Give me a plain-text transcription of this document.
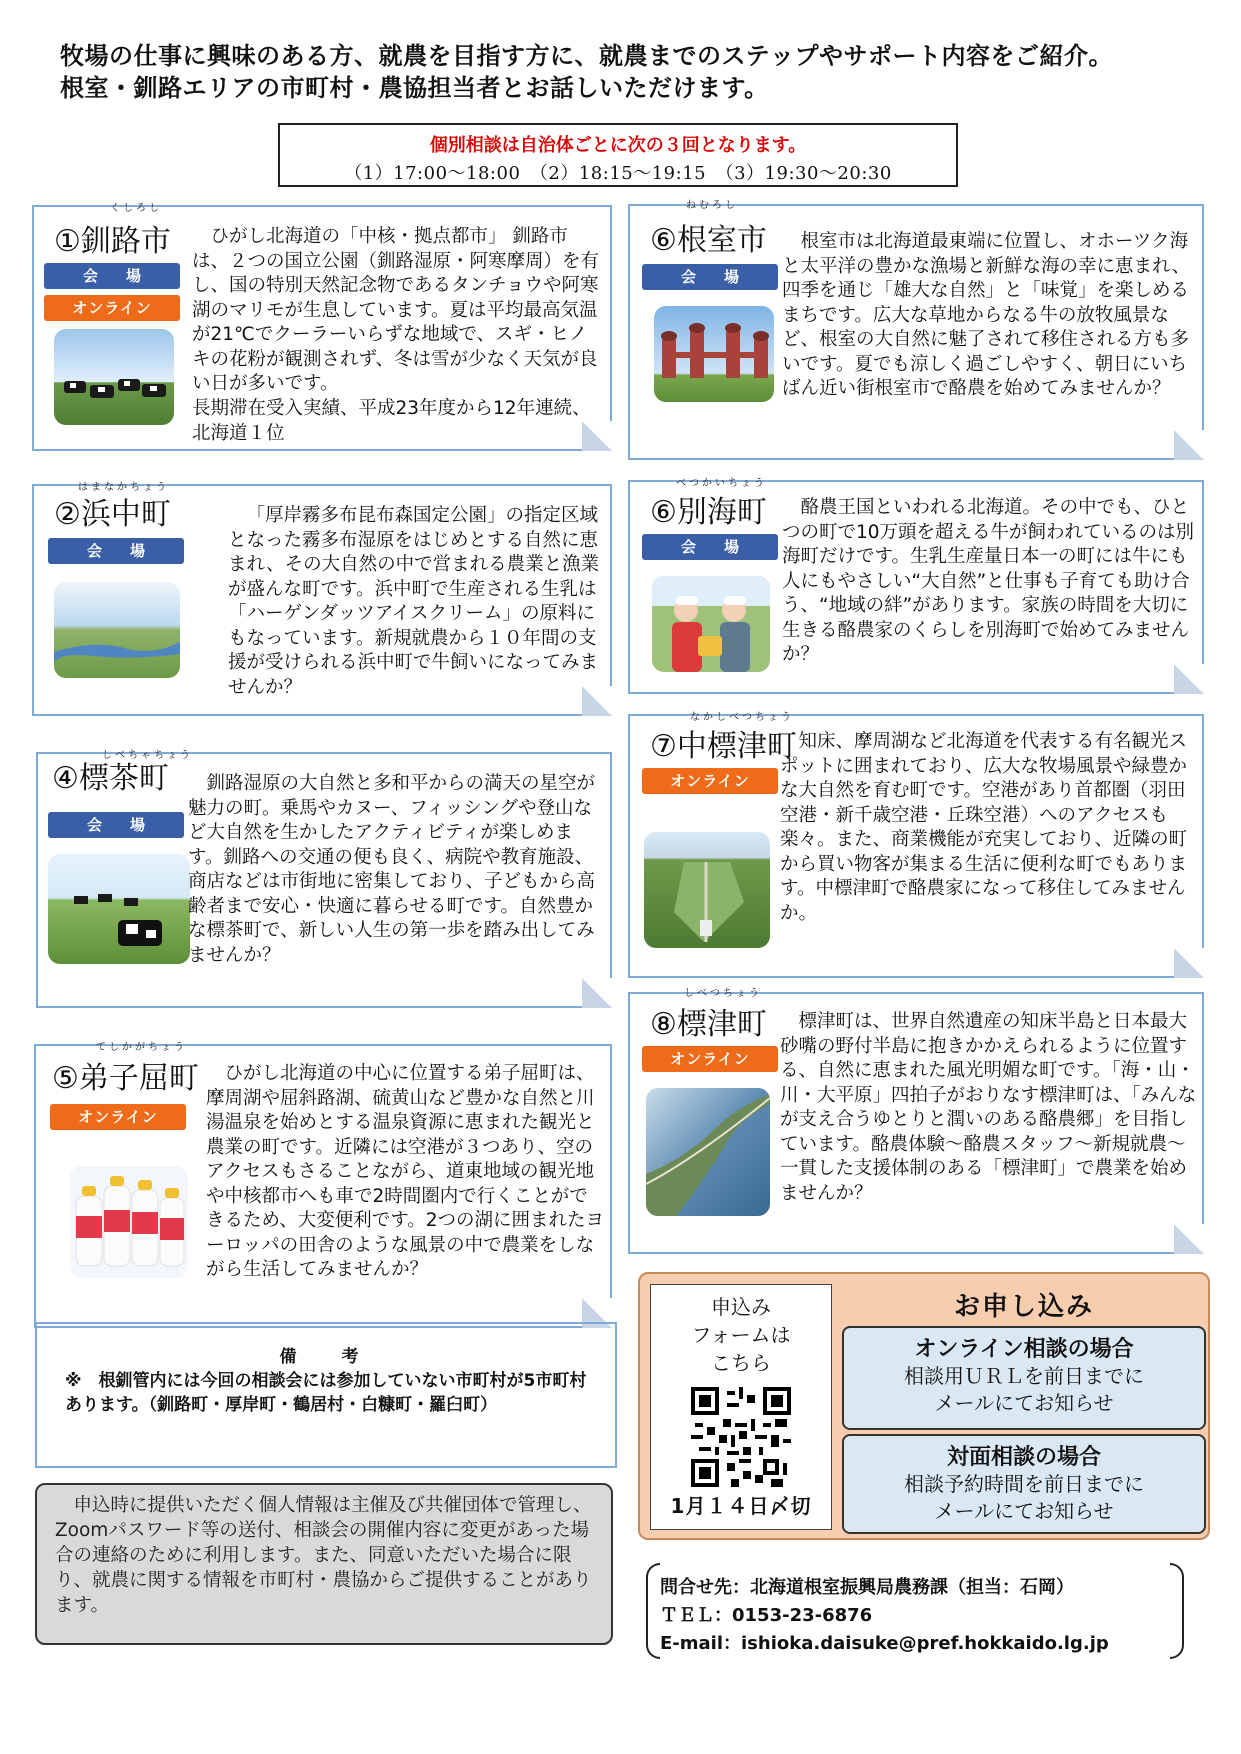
牧場の仕事に興味のある方、就農を目指す方に、就農までのステップやサポート内容をご紹介。

根室・釧路エリアの市町村・農協担当者とお話しいただけます。

個別相談は自治体ごとに次の３回となります。
（1）17:00～18:00　（2）18:15～19:15　（3）19:30～20:30
くしろし
①釧路市
会場
オンライン

ひがし北海道の「中核・拠点都市」 釧路市は、２つの国立公園（釧路湿原・阿寒摩周）を有し、国の特別天然記念物であるタンチョウや阿寒湖のマリモが生息しています。夏は平均最高気温が21℃でクーラーいらずな地域で、スギ・ヒノキの花粉が観測されず、冬は雪が少なく天気が良い日が多いです。

長期滞在受入実績、平成23年度から12年連続、北海道１位

はまなかちょう
②浜中町
会場

「厚岸霧多布昆布森国定公園」の指定区域となった霧多布湿原をはじめとする自然に恵まれ、その大自然の中で営まれる農業と漁業が盛んな町です。浜中町で生産される生乳は「ハーゲンダッツアイスクリーム」の原料にもなっています。新規就農から１０年間の支援が受けられる浜中町で牛飼いになってみませんか？

しべちゃちょう
④標茶町
会場

釧路湿原の大自然と多和平からの満天の星空が魅力の町。乗馬やカヌー、フィッシングや登山など大自然を生かしたアクティビティが楽しめます。釧路への交通の便も良く、病院や教育施設、商店などは市街地に密集しており、子どもから高齢者まで安心・快適に暮らせる町です。自然豊かな標茶町で、新しい人生の第一歩を踏み出してみませんか？

てしかがちょう
⑤弟子屈町
オンライン

ひがし北海道の中心に位置する弟子屈町は、摩周湖や屈斜路湖、硫黄山など豊かな自然と川湯温泉を始めとする温泉資源に恵まれた観光と農業の町です。近隣には空港が３つあり、空のアクセスもさることながら、道東地域の観光地や中核都市へも車で2時間圏内で行くことができるため、大変便利です。2つの湖に囲まれたヨーロッパの田舎のような風景の中で農業をしながら生活してみませんか？

ねむろし
⑥根室市
会場

根室市は北海道最東端に位置し、オホーツク海と太平洋の豊かな漁場と新鮮な海の幸に恵まれ、四季を通じ「雄大な自然」と「味覚」を楽しめるまちです。広大な草地からなる牛の放牧風景など、根室の大自然に魅了されて移住される方も多いです。夏でも涼しく過ごしやすく、朝日にいちばん近い街根室市で酪農を始めてみませんか？

べつかいちょう
⑥別海町
会場

酪農王国といわれる北海道。その中でも、ひとつの町で10万頭を超える牛が飼われているのは別海町だけです。生乳生産量日本一の町には牛にも人にもやさしい“大自然”と仕事も子育ても助け合う、“地域の絆”があります。家族の時間を大切に生きる酪農家のくらしを別海町で始めてみませんか？

なかしべつちょう
⑦中標津町
オンライン

知床、摩周湖など北海道を代表する有名観光スポットに囲まれており、広大な牧場風景や緑豊かな大自然を育む町です。空港があり首都圏（羽田空港・新千歳空港・丘珠空港）へのアクセスも楽々。また、商業機能が充実しており、近隣の町から買い物客が集まる生活に便利な町でもあります。中標津町で酪農家になって移住してみませんか。

しべつちょう
⑧標津町
オンライン

標津町は、世界自然遺産の知床半島と日本最大砂嘴の野付半島に抱きかかえられるように位置する、自然に恵まれた風光明媚な町です。「海・山・川・大平原」四拍子がおりなす標津町は、「みんなが支え合うゆとりと潤いのある酪農郷」を目指しています。酪農体験～酪農スタッフ～新規就農～一貫した支援体制のある「標津町」で農業を始めませんか？

備　考
※　根釧管内には今回の相談会には参加していない市町村が5市町村あります。（釧路町・厚岸町・鶴居村・白糠町・羅臼町）

申込時に提供いただく個人情報は主催及び共催団体で管理し、Zoomパスワード等の送付、相談会の開催内容に変更があった場合の連絡のために利用します。また、同意いただいた場合に限り、就農に関する情報を市町村・農協からご提供することがあります。

申込み
フォームは
こちら
1月１４日〆切
お申し込み
オンライン相談の場合
相談用ＵＲＬを前日までに
メールにてお知らせ
対面相談の場合
相談予約時間を前日までに
メールにてお知らせ

問合せ先：北海道根室振興局農務課（担当：石岡）

ＴＥＬ：0153-23-6876

E-mail：ishioka.daisuke@pref.hokkaido.lg.jp
